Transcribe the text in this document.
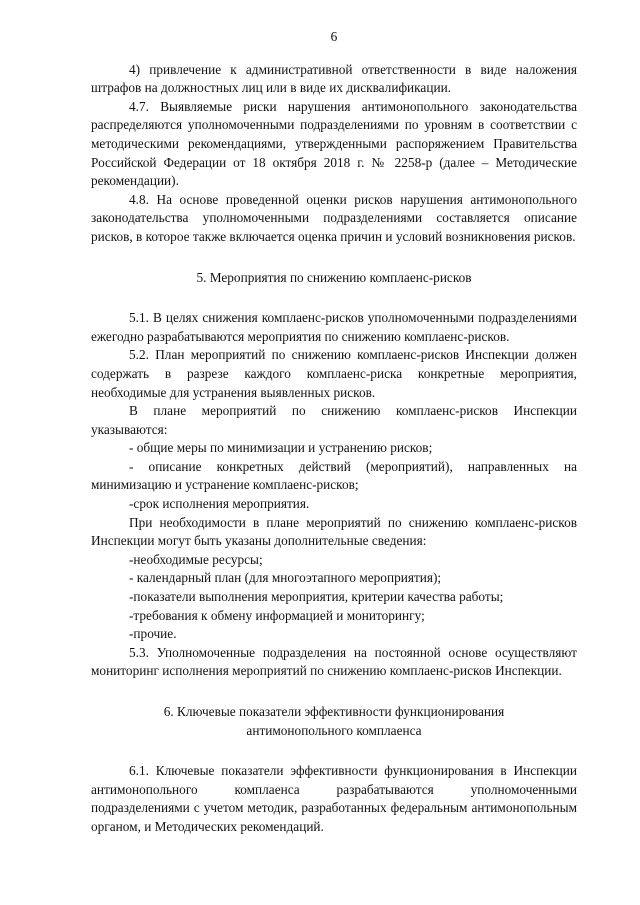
6

4) привлечение к административной ответственности в виде наложения штрафов на должностных лиц или в виде их дисквалификации.

4.7. Выявляемые риски нарушения антимонопольного законодательства распределяются уполномоченными подразделениями по уровням в соответствии с методическими рекомендациями, утвержденными распоряжением Правительства Российской Федерации от 18 октября 2018 г. № 2258-р (далее – Методические рекомендации).

4.8. На основе проведенной оценки рисков нарушения антимонопольного законодательства уполномоченными подразделениями составляется описание рисков, в которое также включается оценка причин и условий возникновения рисков.

5. Мероприятия по снижению комплаенс-рисков

5.1. В целях снижения комплаенс-рисков уполномоченными подразделениями ежегодно разрабатываются мероприятия по снижению комплаенс-рисков.

5.2. План мероприятий по снижению комплаенс-рисков Инспекции должен содержать в разрезе каждого комплаенс-риска конкретные мероприятия, необходимые для устранения выявленных рисков.

В плане мероприятий по снижению комплаенс-рисков Инспекции указываются:

- общие меры по минимизации и устранению рисков;

- описание конкретных действий (мероприятий), направленных на минимизацию и устранение комплаенс-рисков;

-срок исполнения мероприятия.

При необходимости в плане мероприятий по снижению комплаенс-рисков Инспекции могут быть указаны дополнительные сведения:

-необходимые ресурсы;

- календарный план (для многоэтапного мероприятия);

-показатели выполнения мероприятия, критерии качества работы;

-требования к обмену информацией и мониторингу;

-прочие.

5.3. Уполномоченные подразделения на постоянной основе осуществляют мониторинг исполнения мероприятий по снижению комплаенс-рисков Инспекции.

6. Ключевые показатели эффективности функционирования
антимонопольного комплаенса

6.1. Ключевые показатели эффективности функционирования в Инспекции антимонопольного комплаенса разрабатываются уполномоченными подразделениями с учетом методик, разработанных федеральным антимонопольным органом, и Методических рекомендаций.
